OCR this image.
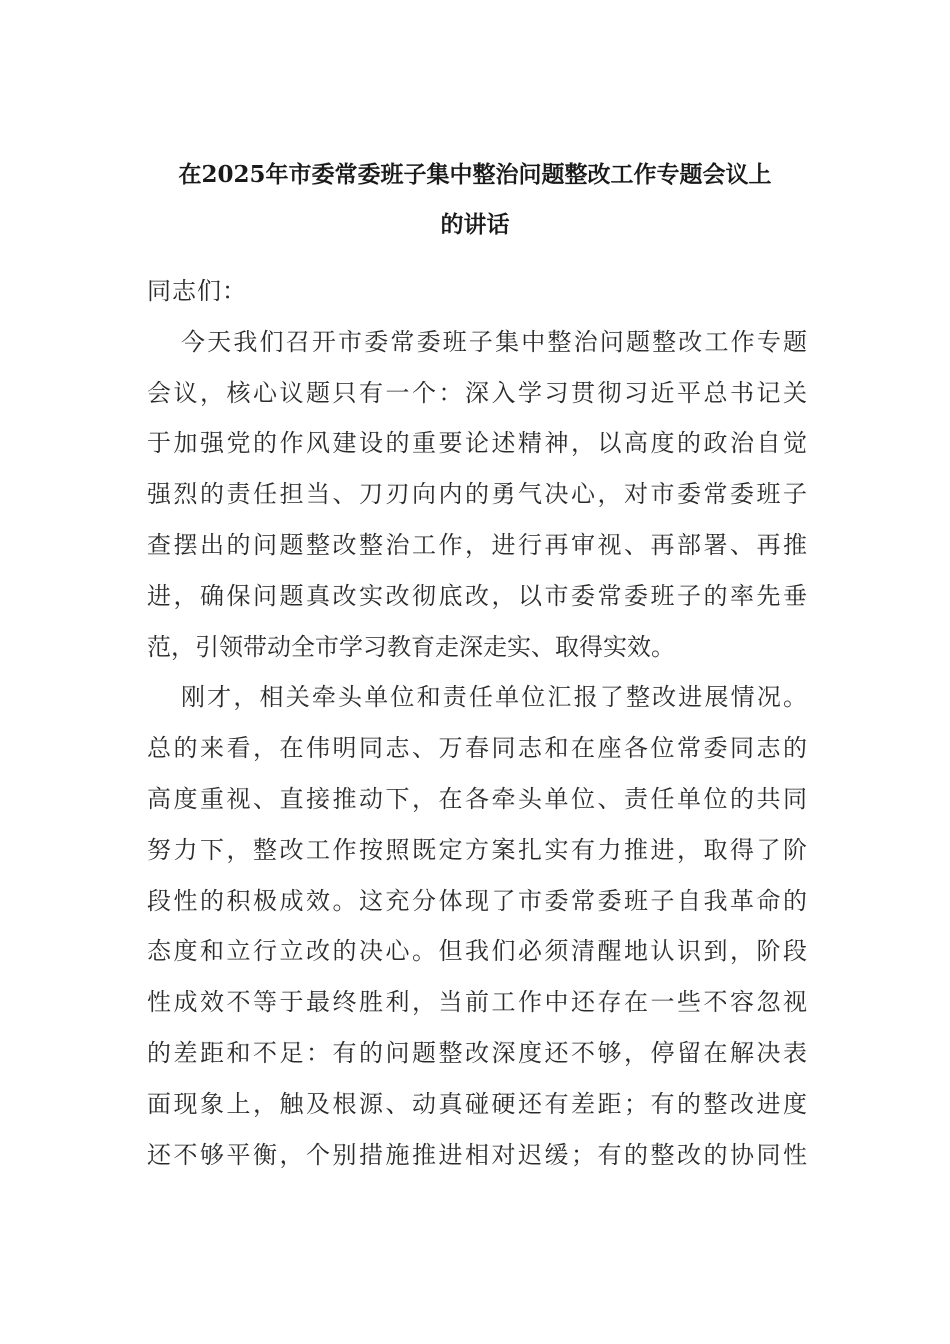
在2025年市委常委班子集中整治问题整改工作专题会议上
的讲话

同志们：

今天我们召开市委常委班子集中整治问题整改工作专题
会议，核心议题只有一个：深入学习贯彻习近平总书记关
于加强党的作风建设的重要论述精神，以高度的政治自觉
强烈的责任担当、刀刃向内的勇气决心，对市委常委班子
查摆出的问题整改整治工作，进行再审视、再部署、再推
进，确保问题真改实改彻底改，以市委常委班子的率先垂
范，引领带动全市学习教育走深走实、取得实效。

刚才，相关牵头单位和责任单位汇报了整改进展情况。
总的来看，在伟明同志、万春同志和在座各位常委同志的
高度重视、直接推动下，在各牵头单位、责任单位的共同
努力下，整改工作按照既定方案扎实有力推进，取得了阶
段性的积极成效。这充分体现了市委常委班子自我革命的
态度和立行立改的决心。但我们必须清醒地认识到，阶段
性成效不等于最终胜利，当前工作中还存在一些不容忽视
的差距和不足：有的问题整改深度还不够，停留在解决表
面现象上，触及根源、动真碰硬还有差距；有的整改进度
还不够平衡，个别措施推进相对迟缓；有的整改的协同性
